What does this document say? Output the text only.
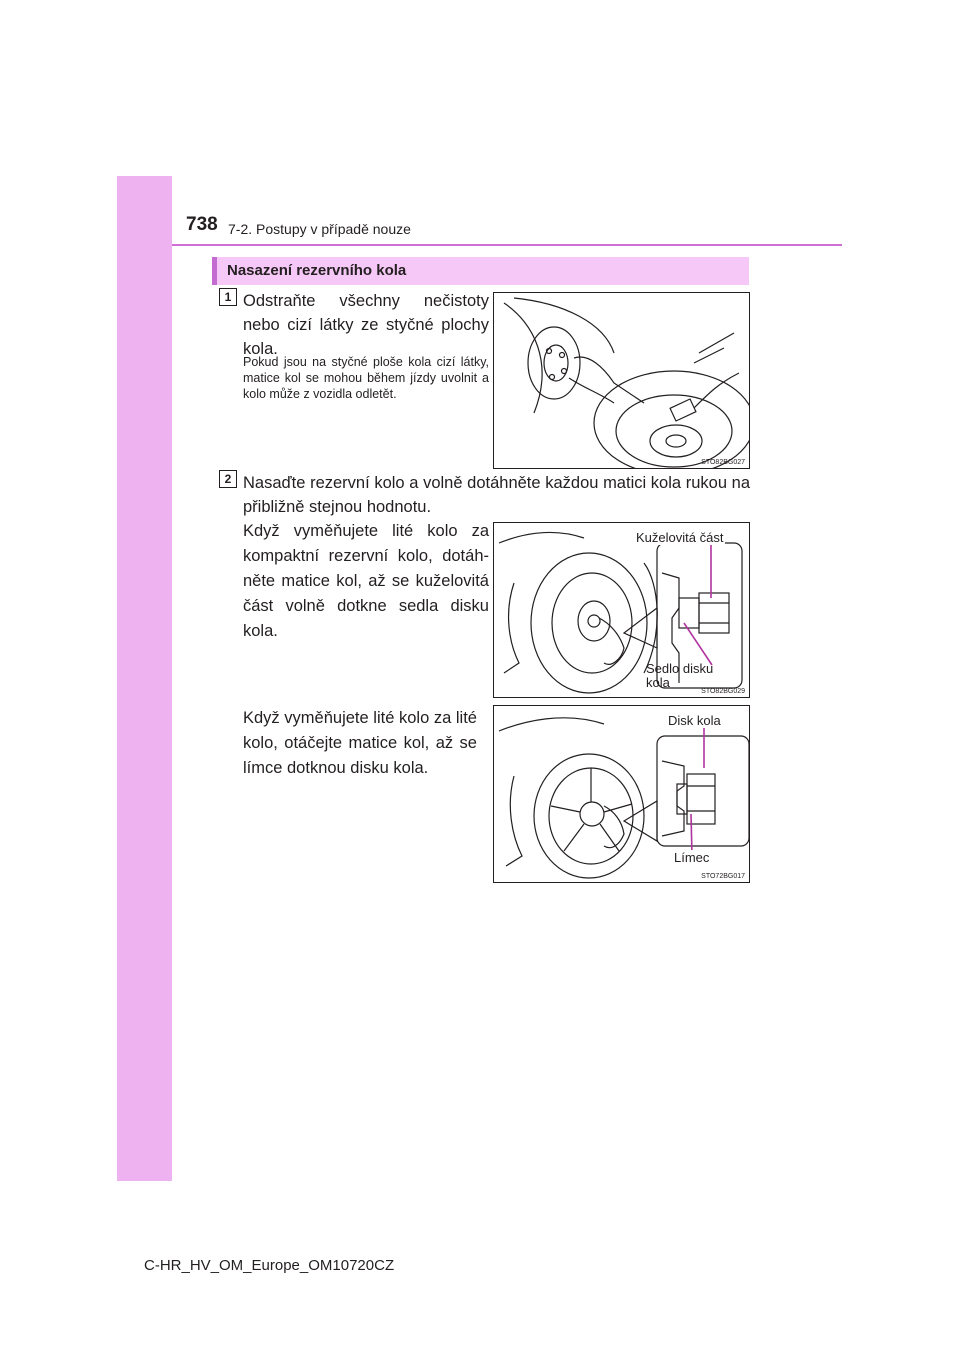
738 7-2. Postupy v případě nouze
Nasazení rezervního kola
1 Odstraňte všechny nečistoty nebo cizí látky ze styčné plochy kola.
Pokud jsou na styčné ploše kola cizí látky, matice kol se mohou během jízdy uvolnit a kolo může z vozidla odletět.
STO82BG027
2 Nasaďte rezervní kolo a volně dotáhněte každou matici kola rukou na přibližně stejnou hodnotu.
Když vyměňujete lité kolo za kompaktní rezervní kolo, dotáh-něte matice kol, až se kuželovitá část volně dotkne sedla disku kola.
Kuželovitá část
Sedlo disku
kola
STO82BG029
Když vyměňujete lité kolo za lité kolo, otáčejte matice kol, až se límce dotknou disku kola.
Disk kola
Límec
STO72BG017
C-HR_HV_OM_Europe_OM10720CZ
